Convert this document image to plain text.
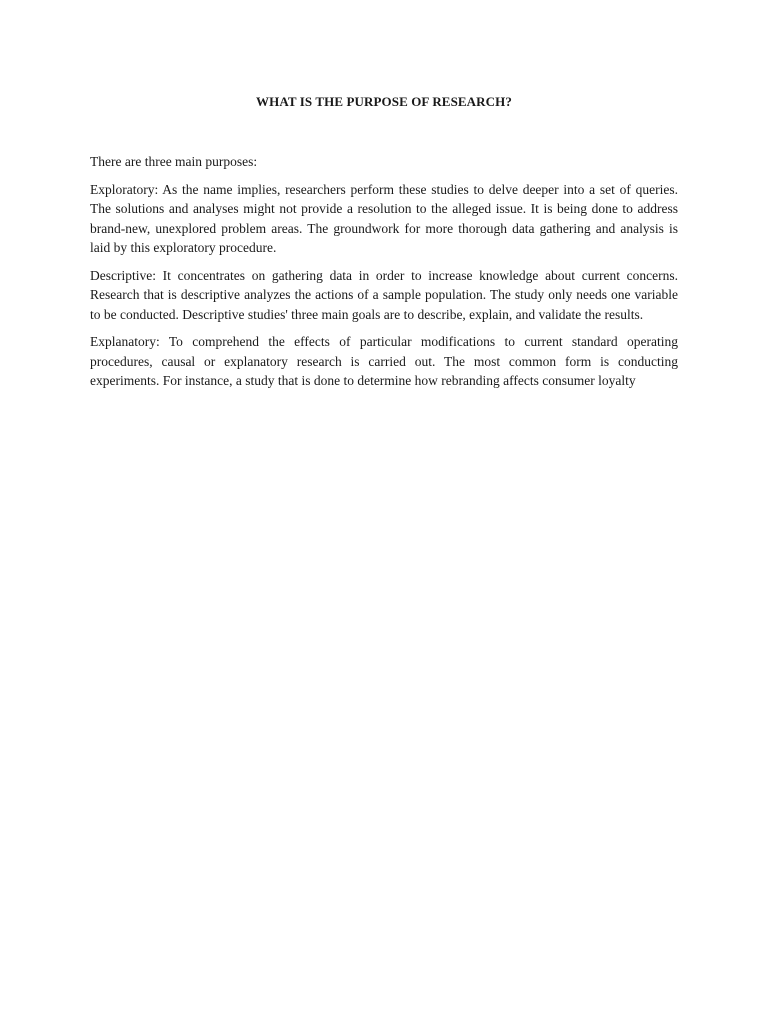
WHAT IS THE PURPOSE OF RESEARCH?

There are three main purposes:

Exploratory: As the name implies, researchers perform these studies to delve deeper into a set of queries. The solutions and analyses might not provide a resolution to the alleged issue. It is being done to address brand-new, unexplored problem areas. The groundwork for more thorough data gathering and analysis is laid by this exploratory procedure.

Descriptive: It concentrates on gathering data in order to increase knowledge about current concerns. Research that is descriptive analyzes the actions of a sample population. The study only needs one variable to be conducted. Descriptive studies' three main goals are to describe, explain, and validate the results.

Explanatory: To comprehend the effects of particular modifications to current standard operating procedures, causal or explanatory research is carried out. The most common form is conducting experiments. For instance, a study that is done to determine how rebranding affects consumer loyalty
